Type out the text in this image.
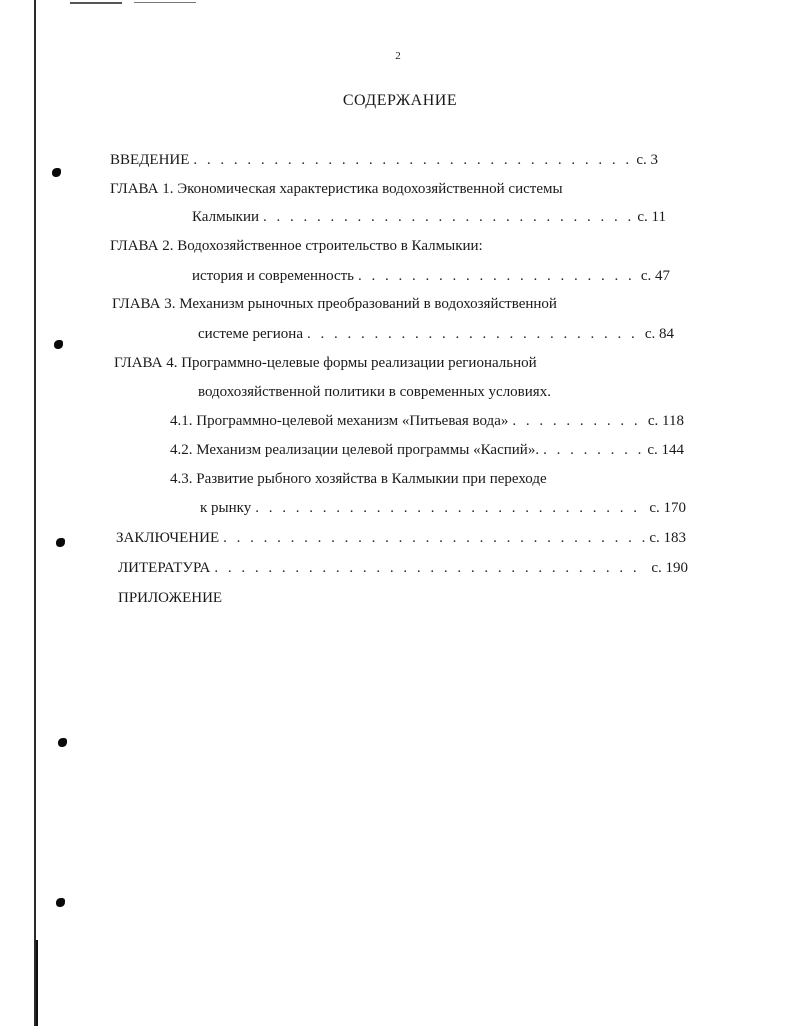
2
СОДЕРЖАНИЕ
ВВЕДЕНИЕ . . .	с. 3
ГЛАВА 1. Экономическая характеристика водохозяйственной системы
Калмыкии . . .	с. 11
ГЛАВА 2. Водохозяйственное строительство в Калмыкии:
история и современность . . .	с. 47
ГЛАВА 3. Механизм рыночных преобразований в водохозяйственной
системе региона . . .	с. 84
ГЛАВА 4. Программно-целевые формы реализации региональной
водохозяйственной политики в современных условиях.
4.1. Программно-целевой механизм «Питьевая вода» . . .	с. 118
4.2. Механизм реализации целевой программы «Каспий». . . .	с. 144
4.3. Развитие рыбного хозяйства в Калмыкии при переходе
к рынку . . .	с. 170
ЗАКЛЮЧЕНИЕ . . .	с. 183
ЛИТЕРАТУРА . . .	с. 190
ПРИЛОЖЕНИЕ
